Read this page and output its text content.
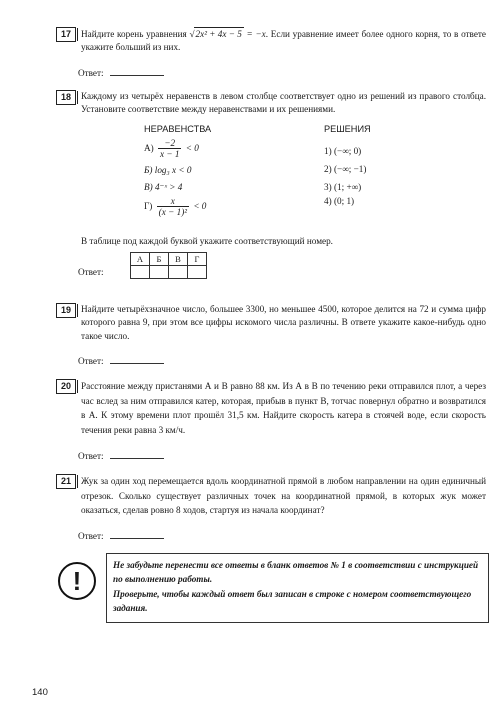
17	Найдите корень уравнения √2x² + 4x − 5 = −x. Если уравнение имеет более одного корня, то в ответе укажите больший из них.
Ответ:
18	Каждому из четырёх неравенств в левом столбце соответствует одно из решений из правого столбца. Установите соответствие между неравенствами и их решениями.
НЕРАВЕНСТВА	РЕШЕНИЯ
$А) \frac{-2}{x - 1} < 0$
Б) log₃ x < 0
В) 4⁻ˣ > 4
$Г) \frac{x}{\text{(x − 1)²}} < 0$
1) (−∞; 0)
2) (−∞; −1)
3) (1; +∞)
4) (0; 1)
В таблице под каждой буквой укажите соответствующий номер.
Ответ:
А	Б	В	Г

19	Найдите четырёхзначное число, большее 3300, но меньшее 4500, которое делится на 72 и сумма цифр которого равна 9, при этом все цифры искомого числа различны. В ответе укажите какое-нибудь одно такое число.
Ответ:
20	Расстояние между пристанями А и В равно 88 км. Из А в В по течению реки отправился плот, а через час вслед за ним отправился катер, которая, прибыв в пункт В, тотчас повернул обратно и возвратился в А. К этому времени плот прошёл 31,5 км. Найдите скорость катера в стоячей воде, если скорость течения реки равна 3 км/ч.
Ответ:
21	Жук за один ход перемещается вдоль координатной прямой в любом направлении на один единичный отрезок. Сколько существует различных точек на координатной прямой, в которых жук может оказаться, сделав ровно 8 ходов, стартуя из начала координат?
Ответ:
!
Не забудьте перенести все ответы в бланк ответов № 1 в соответствии с инструкцией по выполнению работы.
Проверьте, чтобы каждый ответ был записан в строке с номером соответствующего задания.
140
